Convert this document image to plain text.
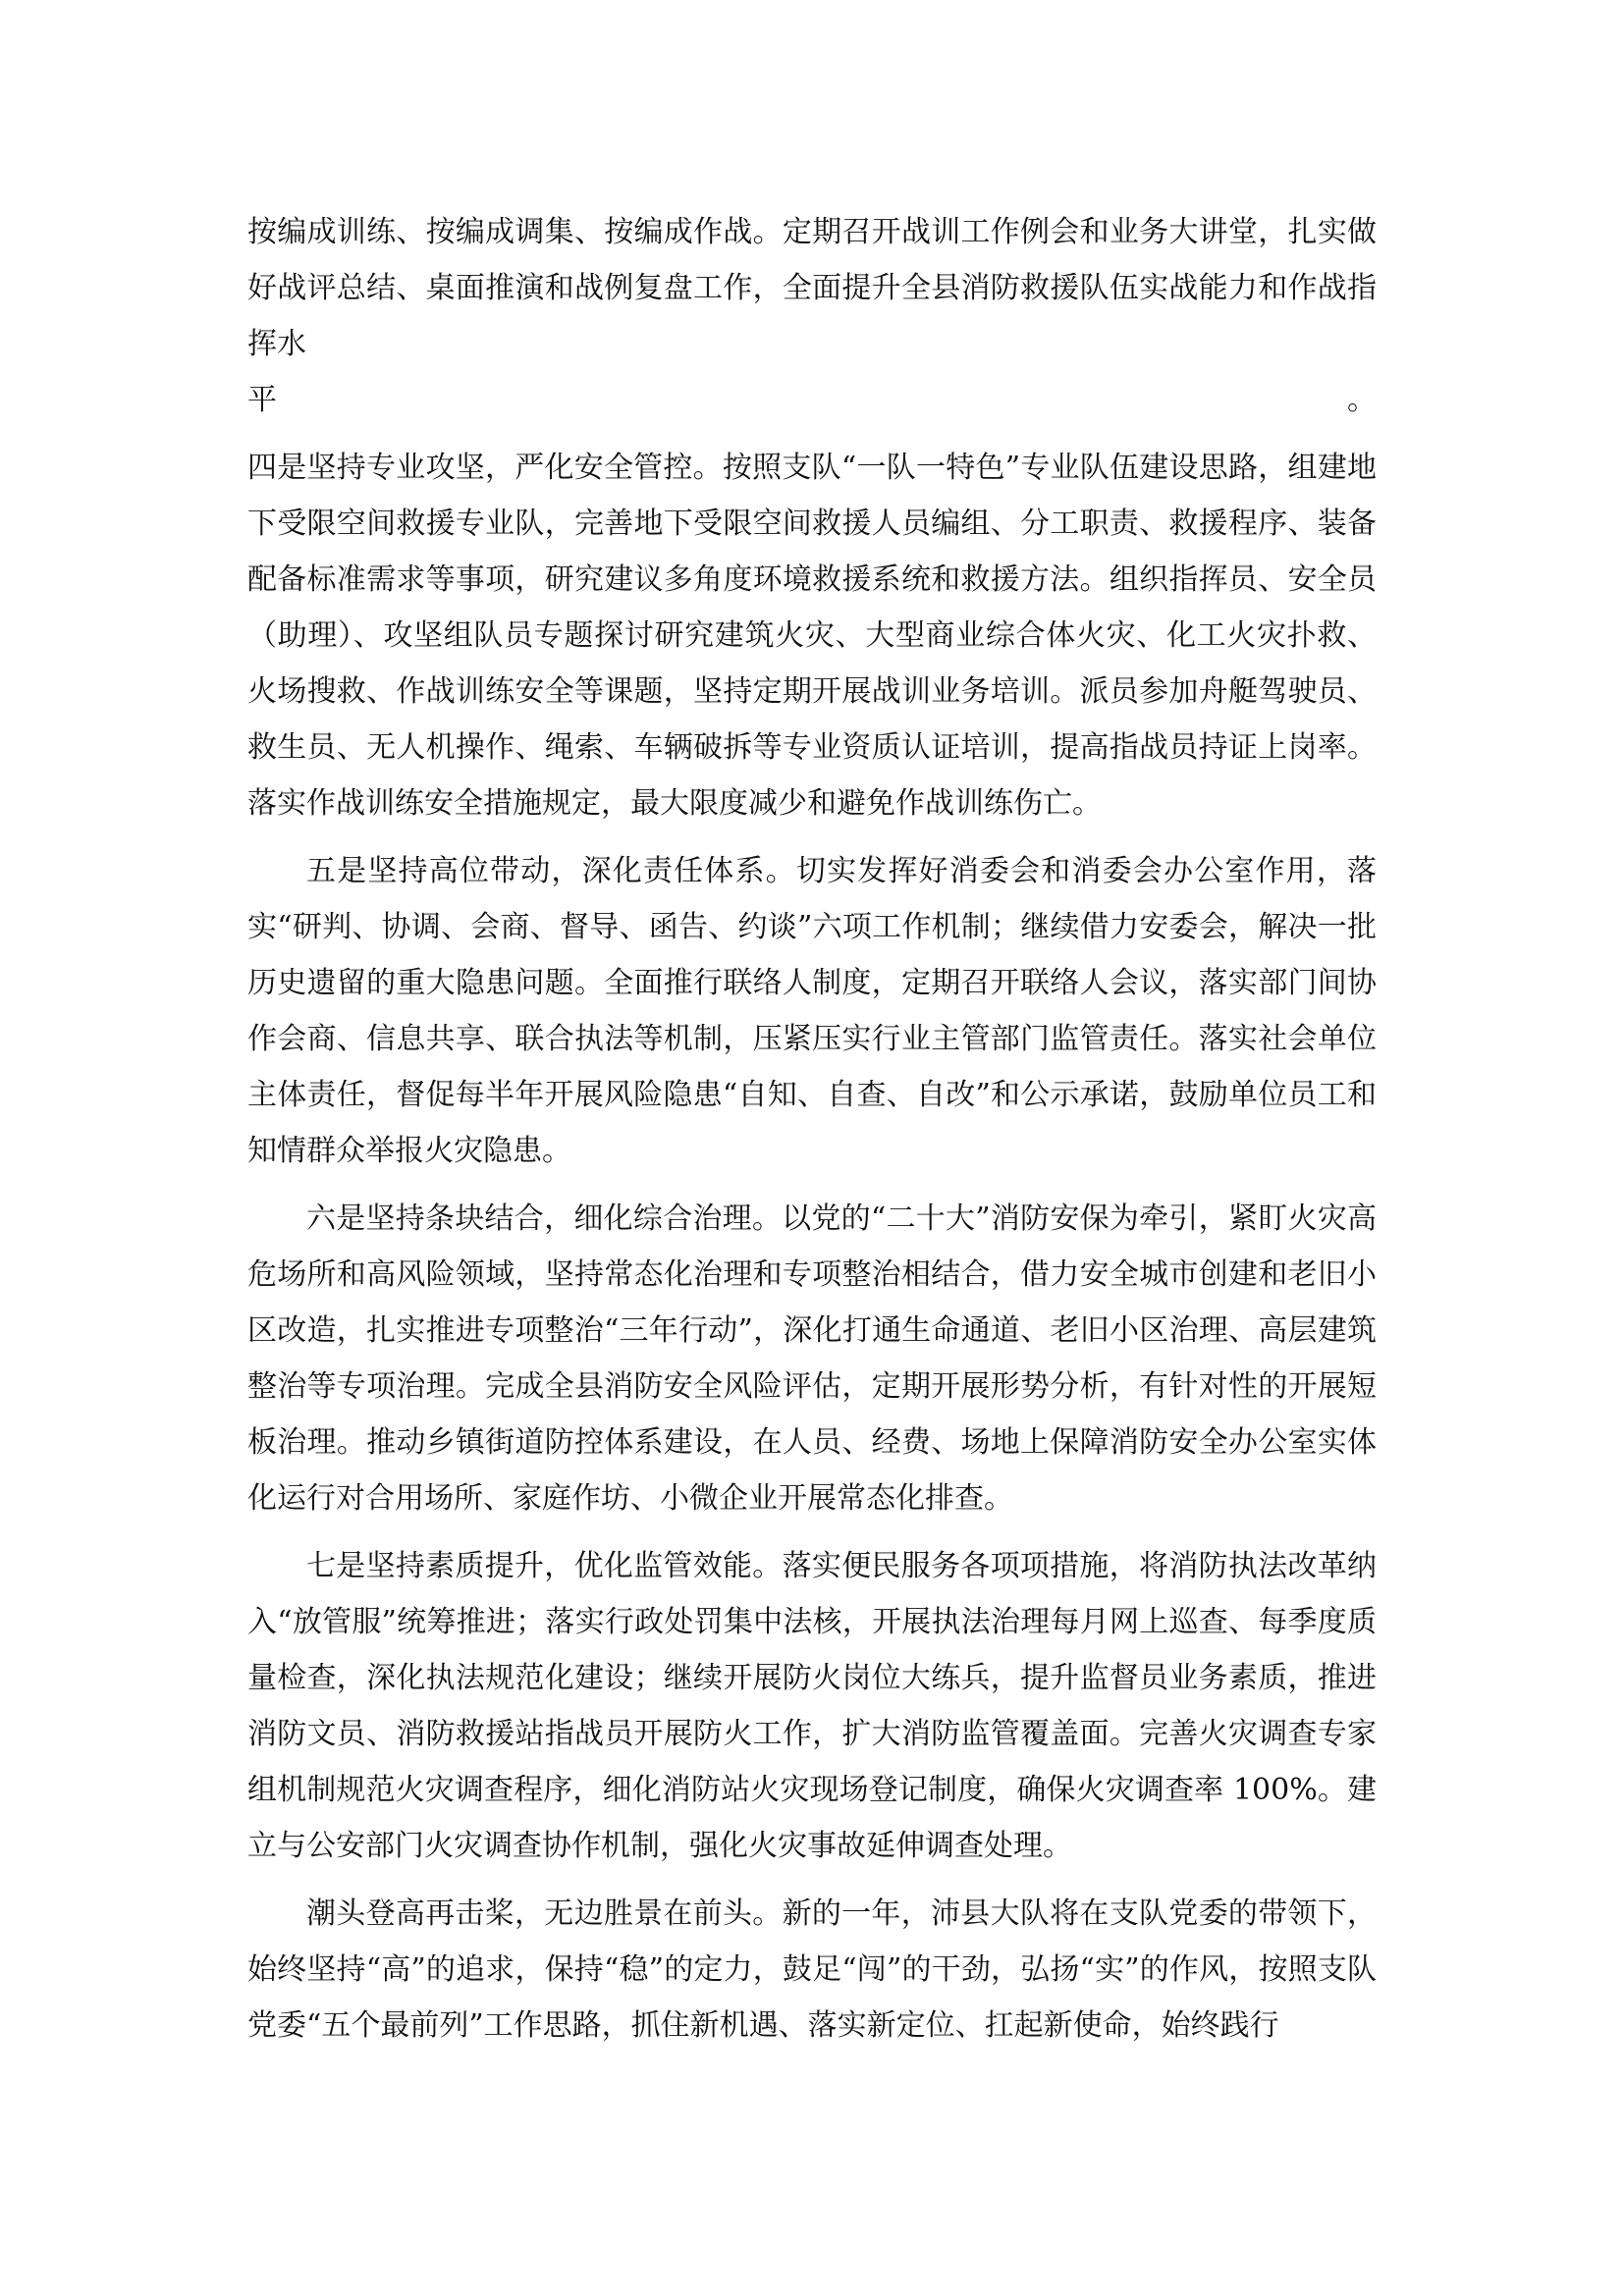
按编成训练、按编成调集、按编成作战。定期召开战训工作例会和业务大讲堂，扎实做好战评总结、桌面推演和战例复盘工作，全面提升全县消防救援队伍实战能力和作战指挥水
平	。

四是坚持专业攻坚，严化安全管控。按照支队“一队一特色”专业队伍建设思路，组建地下受限空间救援专业队，完善地下受限空间救援人员编组、分工职责、救援程序、装备配备标准需求等事项，研究建议多角度环境救援系统和救援方法。组织指挥员、安全员（助理）、攻坚组队员专题探讨研究建筑火灾、大型商业综合体火灾、化工火灾扑救、火场搜救、作战训练安全等课题，坚持定期开展战训业务培训。派员参加舟艇驾驶员、救生员、无人机操作、绳索、车辆破拆等专业资质认证培训，提高指战员持证上岗率。落实作战训练安全措施规定，最大限度减少和避免作战训练伤亡。

五是坚持高位带动，深化责任体系。切实发挥好消委会和消委会办公室作用，落实“研判、协调、会商、督导、函告、约谈”六项工作机制；继续借力安委会，解决一批历史遗留的重大隐患问题。全面推行联络人制度，定期召开联络人会议，落实部门间协作会商、信息共享、联合执法等机制，压紧压实行业主管部门监管责任。落实社会单位主体责任，督促每半年开展风险隐患“自知、自查、自改”和公示承诺，鼓励单位员工和知情群众举报火灾隐患。

六是坚持条块结合，细化综合治理。以党的“二十大”消防安保为牵引，紧盯火灾高危场所和高风险领域，坚持常态化治理和专项整治相结合，借力安全城市创建和老旧小区改造，扎实推进专项整治“三年行动”，深化打通生命通道、老旧小区治理、高层建筑整治等专项治理。完成全县消防安全风险评估，定期开展形势分析，有针对性的开展短板治理。推动乡镇街道防控体系建设，在人员、经费、场地上保障消防安全办公室实体化运行对合用场所、家庭作坊、小微企业开展常态化排查。

七是坚持素质提升，优化监管效能。落实便民服务各项项措施，将消防执法改革纳入“放管服”统筹推进；落实行政处罚集中法核，开展执法治理每月网上巡查、每季度质量检查，深化执法规范化建设；继续开展防火岗位大练兵，提升监督员业务素质，推进消防文员、消防救援站指战员开展防火工作，扩大消防监管覆盖面。完善火灾调查专家组机制规范火灾调查程序，细化消防站火灾现场登记制度，确保火灾调查率 100%。建立与公安部门火灾调查协作机制，强化火灾事故延伸调查处理。

潮头登高再击桨，无边胜景在前头。新的一年，沛县大队将在支队党委的带领下，始终坚持“高”的追求，保持“稳”的定力，鼓足“闯”的干劲，弘扬“实”的作风，按照支队党委“五个最前列”工作思路，抓住新机遇、落实新定位、扛起新使命，始终践行
